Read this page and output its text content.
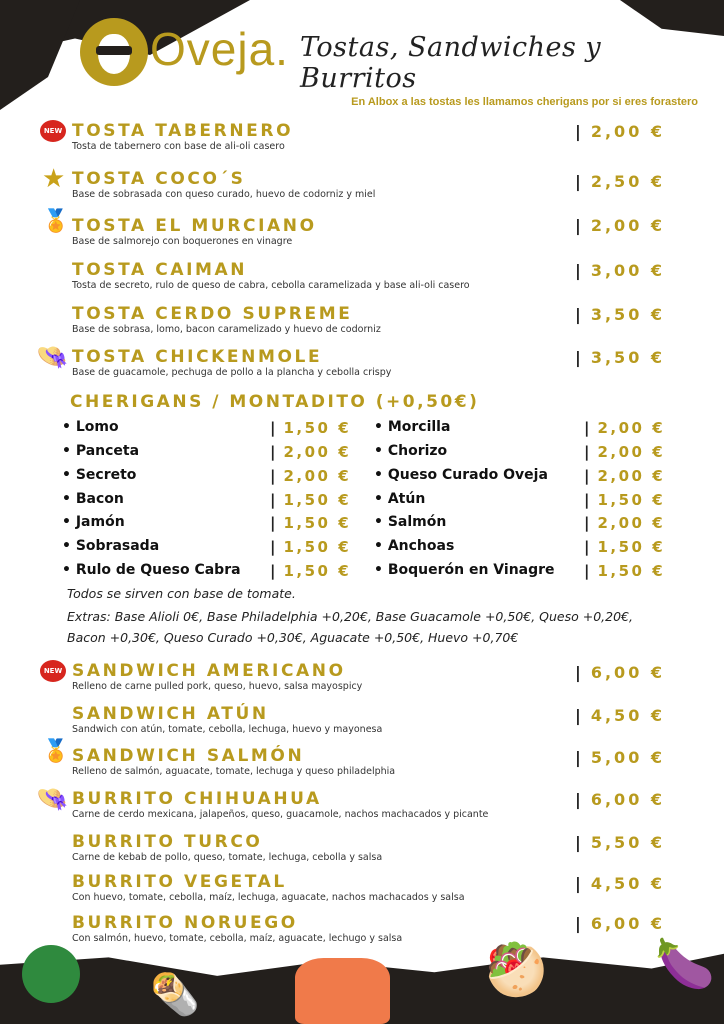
Oveja. Tostas, Sandwiches y Burritos
En Albox a las tostas les llamamos cherigans por si eres forastero
CHERIGANS / MONTADITO (+0,50€)
Todos se sirven con base de tomate.
Extras: Base Alioli 0€, Base Philadelphia +0,20€, Base Guacamole +0,50€, Queso +0,20€,
Bacon +0,30€, Queso Curado +0,30€, Aguacate +0,50€, Huevo +0,70€
🌯	🥙 🍆
TOSTA TABERNERO
Tosta de tabernero con base de ali-oli casero
| 2,00 €
NEW
TOSTA COCO´S
Base de sobrasada con queso curado, huevo de codorniz y miel
| 2,50 €
★
TOSTA EL MURCIANO
Base de salmorejo con boquerones en vinagre
| 2,00 €
🏅
TOSTA CAIMAN
Tosta de secreto, rulo de queso de cabra, cebolla caramelizada y base ali-oli casero
| 3,00 €
TOSTA CERDO SUPREME
Base de sobrasa, lomo, bacon caramelizado y huevo de codorniz
| 3,50 €
TOSTA CHICKENMOLE
Base de guacamole, pechuga de pollo a la plancha y cebolla crispy
| 3,50 €
👒
SANDWICH AMERICANO
Relleno de carne pulled pork, queso, huevo, salsa mayospicy
| 6,00 €
NEW
SANDWICH ATÚN
Sandwich con atún, tomate, cebolla, lechuga, huevo y mayonesa
| 4,50 €
SANDWICH SALMÓN
Relleno de salmón, aguacate, tomate, lechuga y queso philadelphia
| 5,00 €
🏅
BURRITO CHIHUAHUA
Carne de cerdo mexicana, jalapeños, queso, guacamole, nachos machacados y picante
| 6,00 €
👒
BURRITO TURCO
Carne de kebab de pollo, queso, tomate, lechuga, cebolla y salsa
| 5,50 €
BURRITO VEGETAL
Con huevo, tomate, cebolla, maíz, lechuga, aguacate, nachos machacados y salsa
| 4,50 €
BURRITO NORUEGO
Con salmón, huevo, tomate, cebolla, maíz, aguacate, lechugo y salsa
| 6,00 €
• Lomo	| 1,50 €
• Panceta	| 2,00 €
• Secreto	| 2,00 €
• Bacon	| 1,50 €
• Jamón	| 1,50 €
• Sobrasada	| 1,50 €
• Rulo de Queso Cabra | 1,50 €
• Morcilla	| 2,00 €
• Chorizo	| 2,00 €
• Queso Curado Oveja | 2,00 €
• Atún	| 1,50 €
• Salmón	| 2,00 €
• Anchoas	| 1,50 €
• Boquerón en Vinagre | 1,50 €
